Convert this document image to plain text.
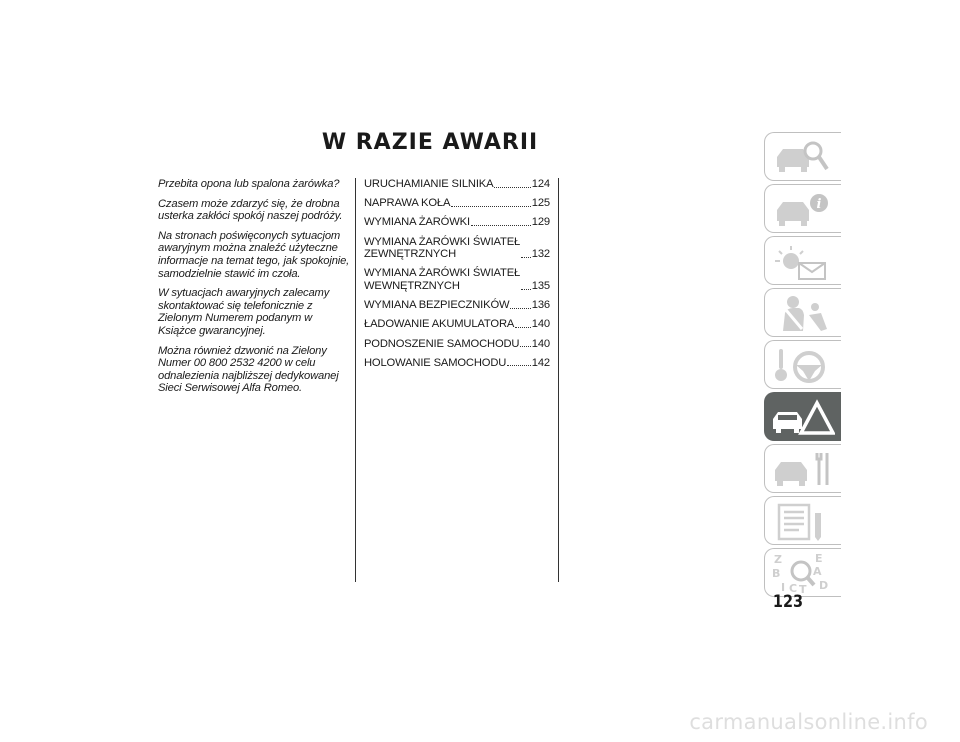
W RAZIE AWARII

Przebita opona lub spalona żarówka?

Czasem może zdarzyć się, że drobna usterka zakłóci spokój naszej podróży.

Na stronach poświęconych sytuacjom awaryjnym można znaleźć użyteczne informacje na temat tego, jak spokojnie, samodzielnie stawić im czoła.

W sytuacjach awaryjnych zalecamy skontaktować się telefonicznie z Zielonym Numerem podanym w Książce gwarancyjnej.

Można również dzwonić na Zielony Numer 00 800 2532 4200 w celu odnalezienia najbliższej dedykowanej Sieci Serwisowej Alfa Romeo.

URUCHAMIANIE SILNIKA	124
NAPRAWA KOŁA	125
WYMIANA ŻARÓWKI	129
WYMIANA ŻARÓWKI ŚWIATEŁ
ZEWNĘTRZNYCH	132
WYMIANA ŻARÓWKI ŚWIATEŁ
WEWNĘTRZNYCH	135
WYMIANA BEZPIECZNIKÓW 136
ŁADOWANIE AKUMULATORA 140
PODNOSZENIE SAMOCHODU 140
HOLOWANIE SAMOCHODU 142
i
Z	E
B	A
I C T D
123
carmanualsonline.info
